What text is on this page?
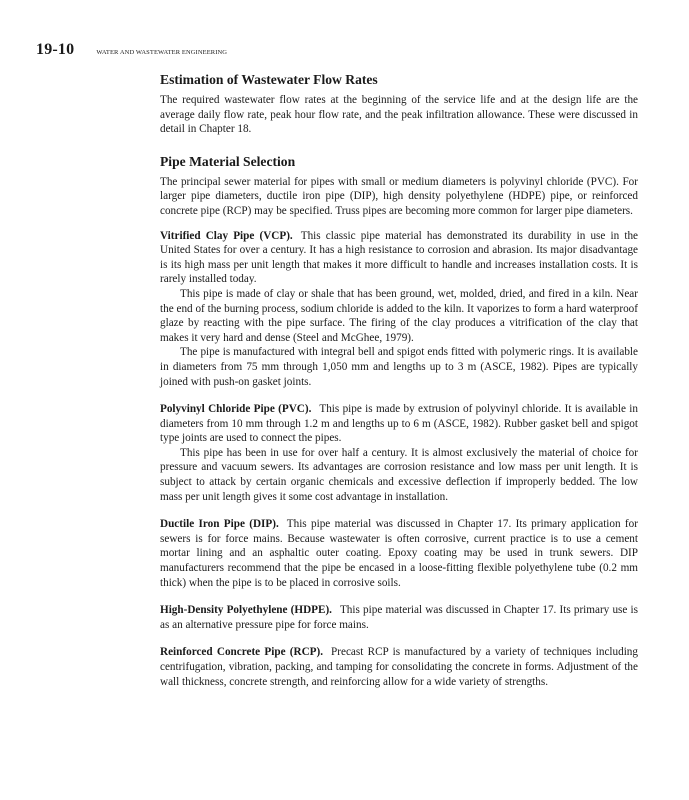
19-10	WATER AND WASTEWATER ENGINEERING
Estimation of Wastewater Flow Rates

The required wastewater flow rates at the beginning of the service life and at the design life are the average daily flow rate, peak hour flow rate, and the peak infiltration allowance. These were discussed in detail in Chapter 18.

Pipe Material Selection

The principal sewer material for pipes with small or medium diameters is polyvinyl chloride (PVC). For larger pipe diameters, ductile iron pipe (DIP), high density polyethylene (HDPE) pipe, or reinforced concrete pipe (RCP) may be specified. Truss pipes are becoming more common for larger pipe diameters.

Vitrified Clay Pipe (VCP). This classic pipe material has demonstrated its durability in use in the United States for over a century. It has a high resistance to corrosion and abrasion. Its major disadvantage is its high mass per unit length that makes it more difficult to handle and increases installation costs. It is rarely installed today.

This pipe is made of clay or shale that has been ground, wet, molded, dried, and fired in a kiln. Near the end of the burning process, sodium chloride is added to the kiln. It vaporizes to form a hard waterproof glaze by reacting with the pipe surface. The firing of the clay produces a vitrification of the clay that makes it very hard and dense (Steel and McGhee, 1979).

The pipe is manufactured with integral bell and spigot ends fitted with polymeric rings. It is available in diameters from 75 mm through 1,050 mm and lengths up to 3 m (ASCE, 1982). Pipes are typically joined with push-on gasket joints.

Polyvinyl Chloride Pipe (PVC). This pipe is made by extrusion of polyvinyl chloride. It is available in diameters from 10 mm through 1.2 m and lengths up to 6 m (ASCE, 1982). Rubber gasket bell and spigot type joints are used to connect the pipes.

This pipe has been in use for over half a century. It is almost exclusively the material of choice for pressure and vacuum sewers. Its advantages are corrosion resistance and low mass per unit length. It is subject to attack by certain organic chemicals and excessive deflection if improperly bedded. The low mass per unit length gives it some cost advantage in installation.

Ductile Iron Pipe (DIP). This pipe material was discussed in Chapter 17. Its primary application for sewers is for force mains. Because wastewater is often corrosive, current practice is to use a cement mortar lining and an asphaltic outer coating. Epoxy coating may be used in trunk sewers. DIP manufacturers recommend that the pipe be encased in a loose-fitting flexible polyethylene tube (0.2 mm thick) when the pipe is to be placed in corrosive soils.

High-Density Polyethylene (HDPE). This pipe material was discussed in Chapter 17. Its primary use is as an alternative pressure pipe for force mains.

Reinforced Concrete Pipe (RCP). Precast RCP is manufactured by a variety of techniques including centrifugation, vibration, packing, and tamping for consolidating the concrete in forms. Adjustment of the wall thickness, concrete strength, and reinforcing allow for a wide variety of strengths.
